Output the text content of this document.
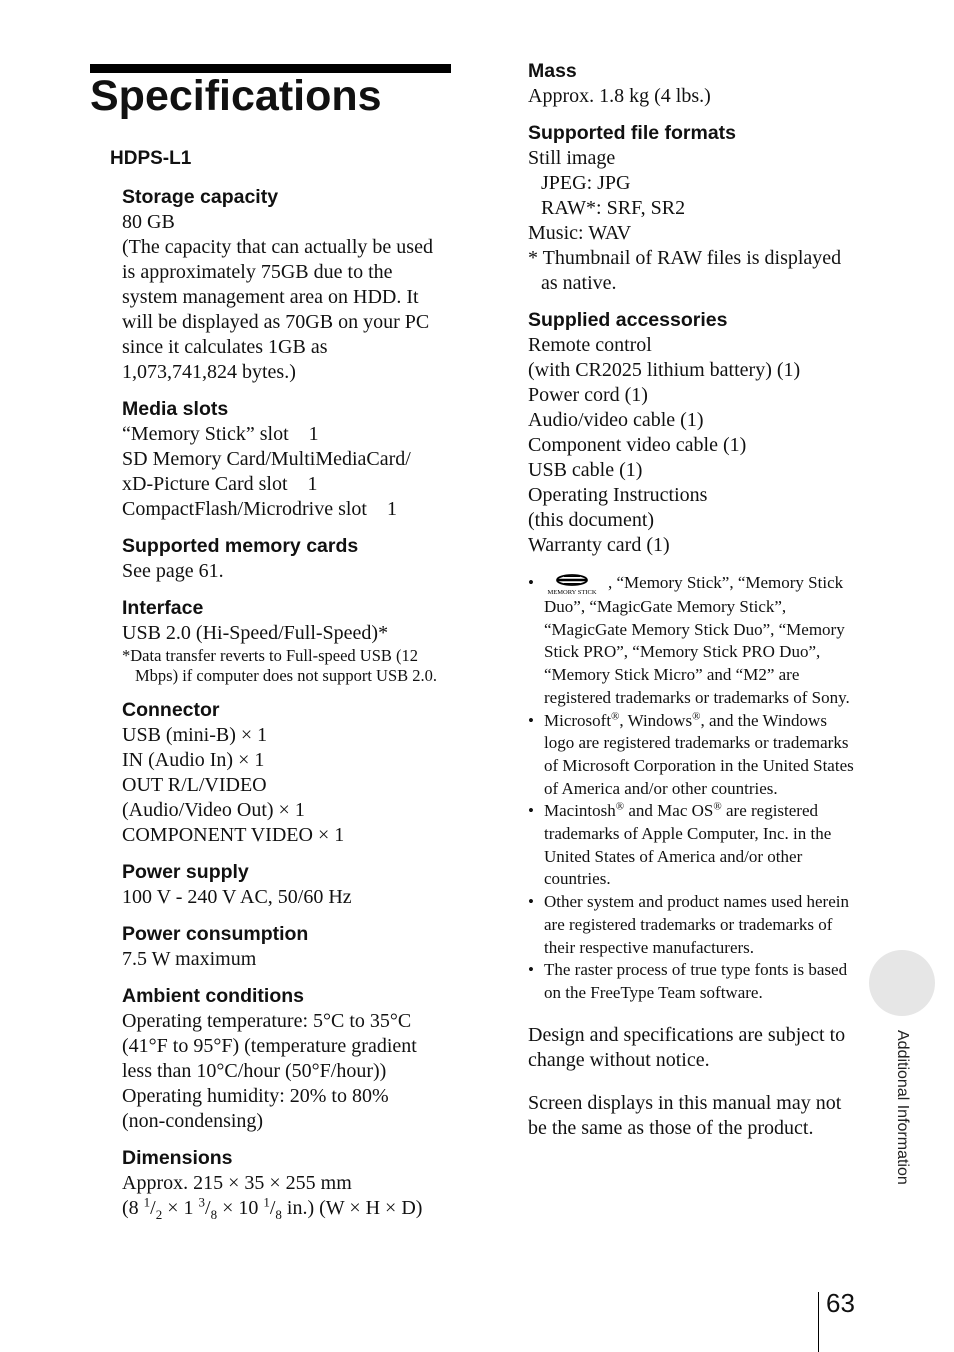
Specifications
HDPS-L1
Storage capacity
80 GB
(The capacity that can actually be used
is approximately 75GB due to the
system management area on HDD. It
will be displayed as 70GB on your PC
since it calculates 1GB as
1,073,741,824 bytes.)
Media slots
“Memory Stick” slot  1
SD Memory Card/MultiMediaCard/
xD-Picture Card slot  1
CompactFlash/Microdrive slot  1
Supported memory cards
See page 61.
Interface
USB 2.0 (Hi-Speed/Full-Speed)*
*Data transfer reverts to Full-speed USB (12 Mbps) if computer does not support USB 2.0.
Connector
USB (mini-B) × 1
IN (Audio In) × 1
OUT R/L/VIDEO
(Audio/Video Out) × 1
COMPONENT VIDEO × 1
Power supply
100 V - 240 V AC, 50/60 Hz
Power consumption
7.5 W maximum
Ambient conditions
Operating temperature: 5°C to 35°C
(41°F to 95°F) (temperature gradient
less than 10°C/hour (50°F/hour))
Operating humidity: 20% to 80%
(non-condensing)
Dimensions
Approx. 215 × 35 × 255 mm
(8 $^1/_2 \times 1$ $^3/_8 \times 10$ $^1/_8$ in.) (W × H × D)
Mass
Approx. 1.8 kg (4 lbs.)
Supported file formats
Still image
JPEG: JPG
RAW*: SRF, SR2
Music: WAV
* Thumbnail of RAW files is displayed as native.
Supplied accessories
Remote control
(with CR2025 lithium battery) (1)
Power cord (1)
Audio/video cable (1)
Component video cable (1)
USB cable (1)
Operating Instructions
(this document)
Warranty card (1)
•
MEMORY STICK
, “Memory Stick”, “Memory Stick Duo”, “MagicGate Memory Stick”, “MagicGate Memory Stick Duo”, “Memory Stick PRO”, “Memory Stick PRO Duo”, “Memory Stick Micro” and “M2” are registered trademarks or trademarks of Sony.
• Microsoft®, Windows®, and the Windows logo are registered trademarks or trademarks of Microsoft Corporation in the United States of America and/or other countries.
• Macintosh® and Mac OS® are registered trademarks of Apple Computer, Inc. in the United States of America and/or other countries.
• Other system and product names used herein are registered trademarks or trademarks of their respective manufacturers.
• The raster process of true type fonts is based on the FreeType Team software.
Design and specifications are subject to change without notice.
Screen displays in this manual may not be the same as those of the product.	Additional Information
63
